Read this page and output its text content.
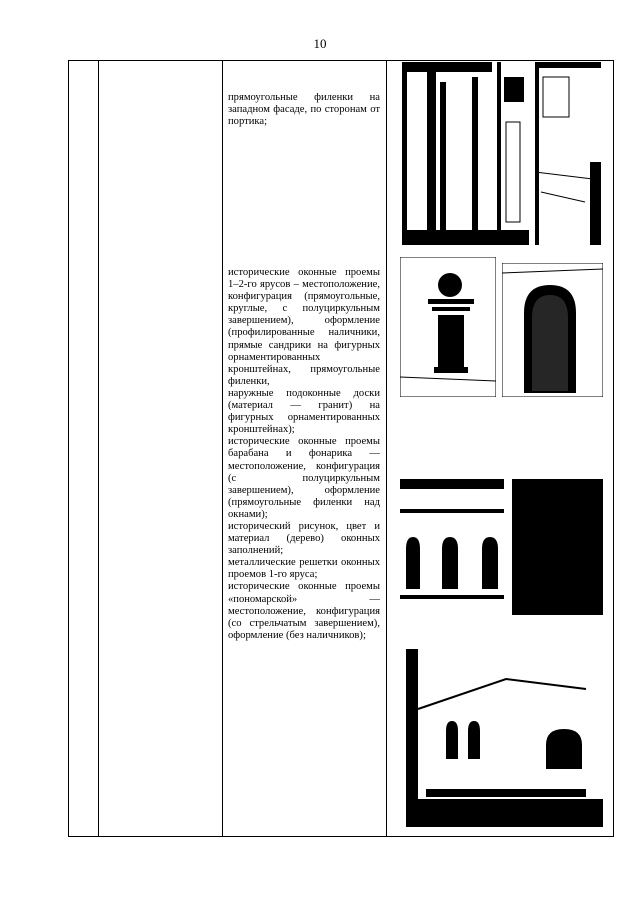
10

прямоугольные филенки на западном фасаде, по сторонам от портика;

исторические оконные проемы 1–2-го ярусов – местоположение, конфигурация (прямоугольные, круглые, с полуциркульным завершением), оформление (профилированные наличники, прямые сандрики на фигурных орнаментированных кронштейнах, прямоугольные филенки,

наружные подоконные доски (материал — гранит) на фигурных орнаментированных кронштейнах);

исторические оконные проемы барабана и фонарика — местоположение, конфигурация (с полуциркульным завершением), оформление (прямоугольные филенки над окнами);

исторический рисунок, цвет и материал (дерево) оконных заполнений;

металлические решетки оконных проемов 1-го яруса;

исторические оконные проемы «пономарской» — местоположение, конфигурация (со стрельчатым завершением), оформление (без наличников);
